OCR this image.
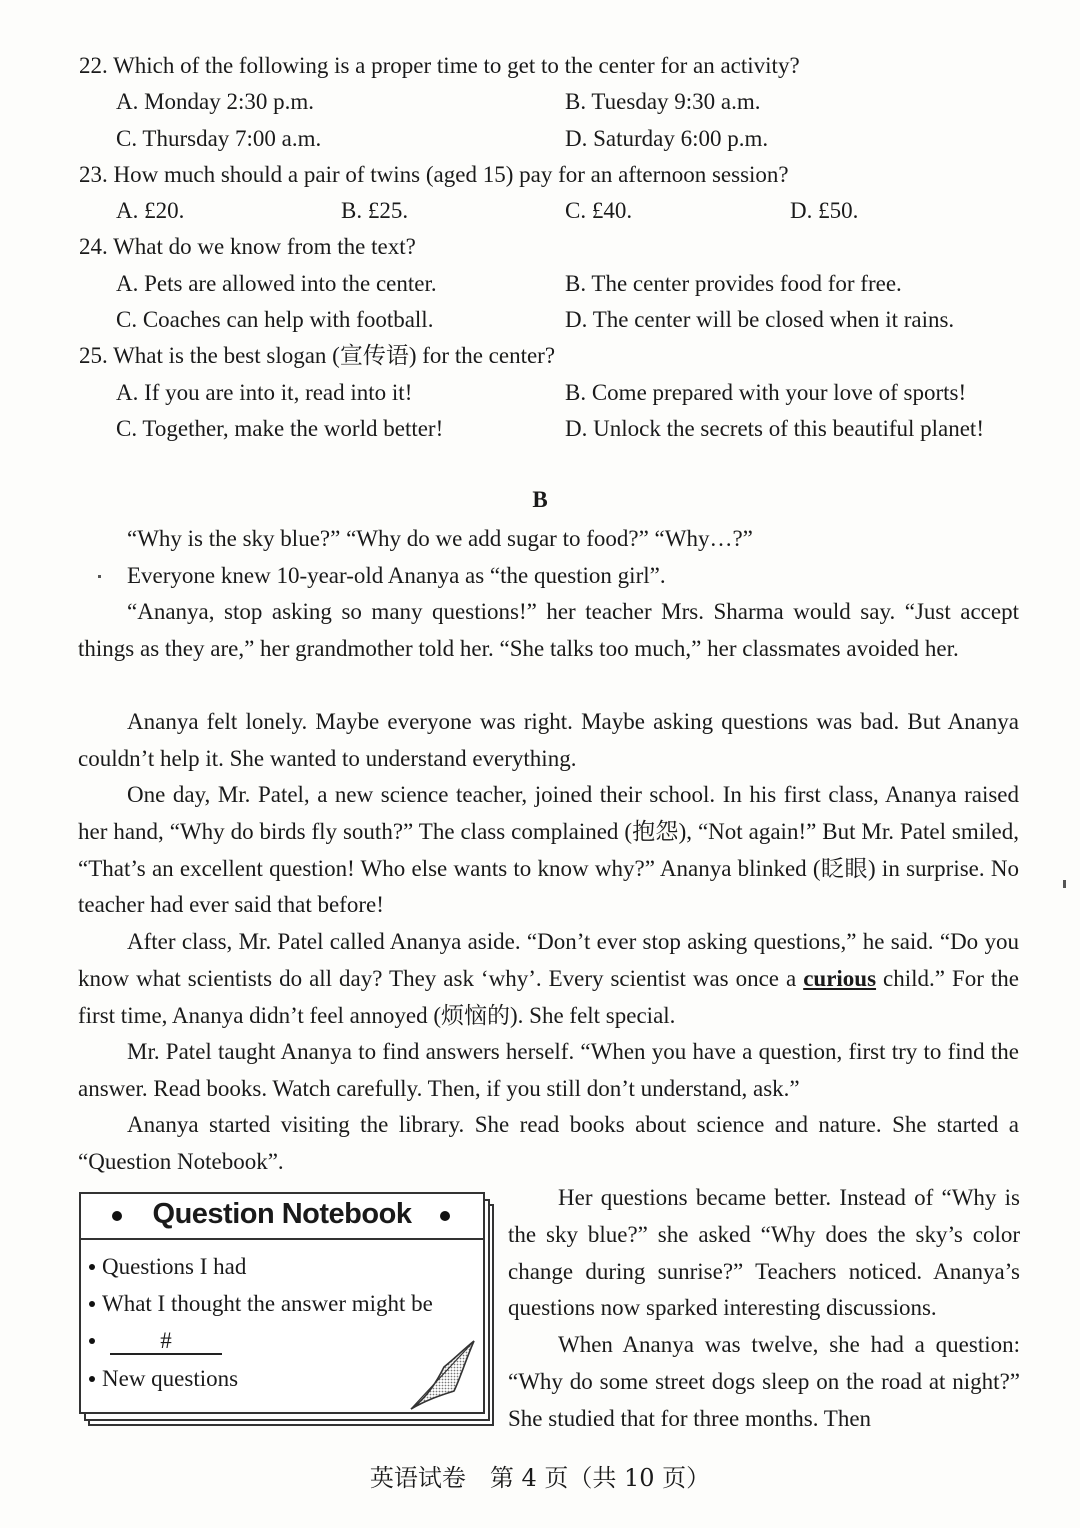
22. Which of the following is a proper time to get to the center for an activity?
A. Monday 2:30 p.m.	B. Tuesday 9:30 a.m.
C. Thursday 7:00 a.m.	D. Saturday 6:00 p.m.
23. How much should a pair of twins (aged 15) pay for an afternoon session?
A. £20.	B. £25.	C. £40.	D. £50.
24. What do we know from the text?
A. Pets are allowed into the center.	B. The center provides food for free.
C. Coaches can help with football.	D. The center will be closed when it rains.
25. What is the best slogan (宣传语) for the center?
A. If you are into it, read into it!	B. Come prepared with your love of sports!
C. Together, make the world better!	D. Unlock the secrets of this beautiful planet!
B

“Why is the sky blue?” “Why do we add sugar to food?” “Why…?”

Everyone knew 10-year-old Ananya as “the question girl”.

“Ananya, stop asking so many questions!” her teacher Mrs. Sharma would say. “Just accept things as they are,” her grandmother told her. “She talks too much,” her classmates avoided her.

Ananya felt lonely. Maybe everyone was right. Maybe asking questions was bad. But Ananya couldn’t help it. She wanted to understand everything.

One day, Mr. Patel, a new science teacher, joined their school. In his first class, Ananya raised her hand, “Why do birds fly south?” The class complained (抱怨), “Not again!” But Mr. Patel smiled, “That’s an excellent question! Who else wants to know why?” Ananya blinked (眨眼) in surprise. No teacher had ever said that before!

After class, Mr. Patel called Ananya aside. “Don’t ever stop asking questions,” he said. “Do you know what scientists do all day? They ask ‘why’. Every scientist was once a curious child.” For the first time, Ananya didn’t feel annoyed (烦恼的). She felt special.

Mr. Patel taught Ananya to find answers herself. “When you have a question, first try to find the answer. Read books. Watch carefully. Then, if you still don’t understand, ask.”

Ananya started visiting the library. She read books about science and nature. She started a “Question Notebook”.

Her questions became better. Instead of “Why is the sky blue?” she asked “Why does the sky’s color change during sunrise?” Teachers noticed. Ananya’s questions now sparked interesting discussions.

When Ananya was twelve, she had a question: “Why do some street dogs sleep on the road at night?” She studied that for three months. Then

Question Notebook
Questions I had
What I thought the answer might be
#
New questions
英语试卷　第 4 页（共 10 页）
